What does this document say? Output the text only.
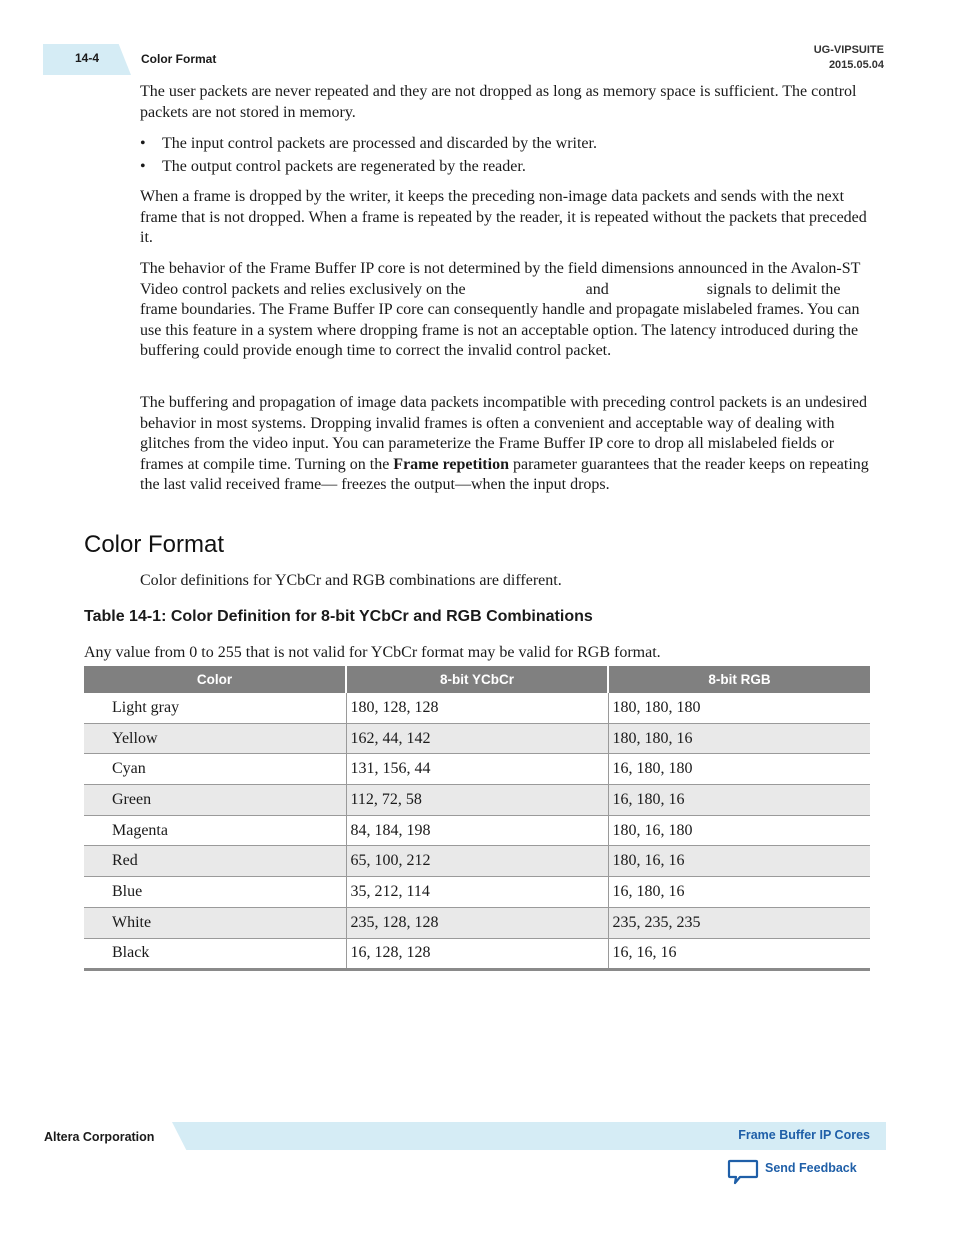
14-4	Color Format
UG-VIPSUITE
2015.05.04
The user packets are never repeated and they are not dropped as long as memory space is sufficient. The control packets are not stored in memory.
• The input control packets are processed and discarded by the writer.
• The output control packets are regenerated by the reader.
When a frame is dropped by the writer, it keeps the preceding non-image data packets and sends with the next frame that is not dropped. When a frame is repeated by the reader, it is repeated without the packets that preceded it.
The behavior of the Frame Buffer IP core is not determined by the field dimensions announced in the Avalon-ST Video control packets and relies exclusively on the	and	signals to delimit the frame boundaries. The Frame Buffer IP core can consequently handle and propagate mislabeled frames. You can use this feature in a system where dropping frame is not an acceptable option. The latency introduced during the buffering could provide enough time to correct the invalid control packet.
The buffering and propagation of image data packets incompatible with preceding control packets is an undesired behavior in most systems. Dropping invalid frames is often a convenient and acceptable way of dealing with glitches from the video input. You can parameterize the Frame Buffer IP core to drop all mislabeled fields or frames at compile time. Turning on the Frame repetition parameter guarantees that the reader keeps on repeating the last valid received frame— freezes the output—when the input drops.
Color Format
Color definitions for YCbCr and RGB combinations are different.
Table 14-1: Color Definition for 8-bit YCbCr and RGB Combinations
Any value from 0 to 255 that is not valid for YCbCr format may be valid for RGB format.
Color	8-bit YCbCr	8-bit RGB
Light gray	180, 128, 128	180, 180, 180
Yellow	162, 44, 142	180, 180, 16
Cyan	131, 156, 44	16, 180, 180
Green	112, 72, 58	16, 180, 16
Magenta	84, 184, 198	180, 16, 180
Red	65, 100, 212	180, 16, 16
Blue	35, 212, 114	16, 180, 16
White	235, 128, 128	235, 235, 235
Black	16, 128, 128	16, 16, 16
Altera Corporation	Frame Buffer IP Cores
Send Feedback
